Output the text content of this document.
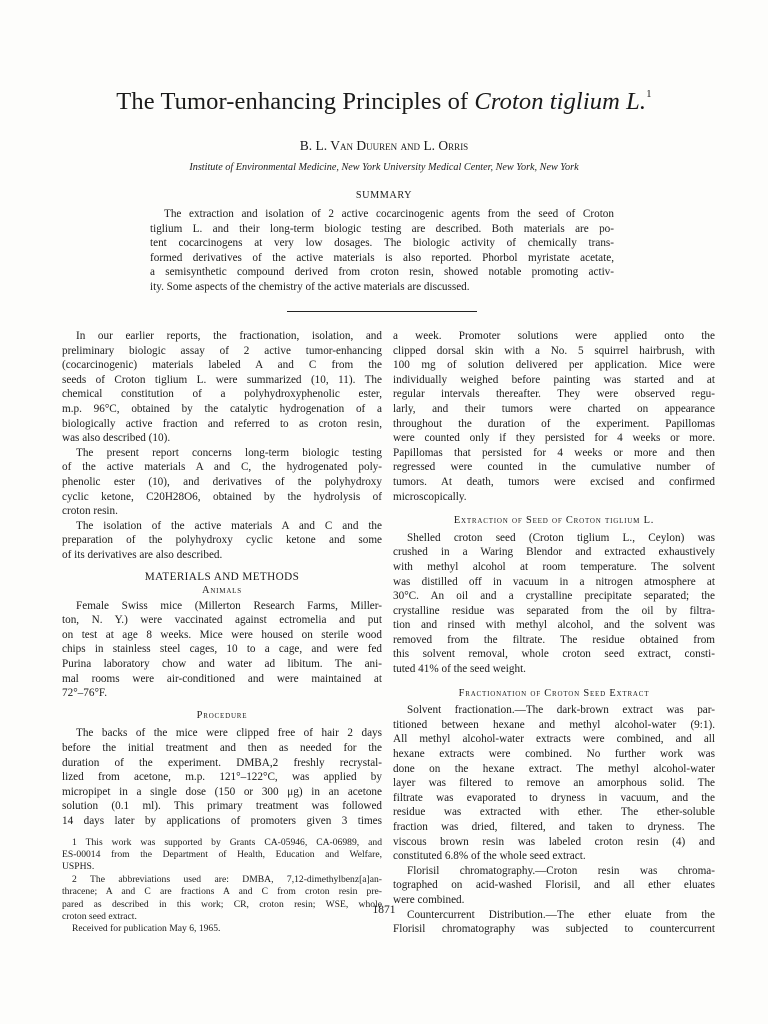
The Tumor-enhancing Principles of Croton tiglium L.$^1$
B. L. Van Duuren and L. Orris
Institute of Environmental Medicine, New York University Medical Center, New York, New York
SUMMARY
The extraction and isolation of 2 active cocarcinogenic agents from the seed of Croton
tiglium L. and their long-term biologic testing are described. Both materials are po-
tent cocarcinogens at very low dosages. The biologic activity of chemically trans-
formed derivatives of the active materials is also reported. Phorbol myristate acetate,
a semisynthetic compound derived from croton resin, showed notable promoting activ-
ity. Some aspects of the chemistry of the active materials are discussed.
In our earlier reports, the fractionation, isolation, and
preliminary biologic assay of 2 active tumor-enhancing
(cocarcinogenic) materials labeled A and C from the
seeds of Croton tiglium L. were summarized (10, 11). The
chemical constitution of a polyhydroxyphenolic ester,
m.p. 96°C, obtained by the catalytic hydrogenation of a
biologically active fraction and referred to as croton resin,
was also described (10).
The present report concerns long-term biologic testing
of the active materials A and C, the hydrogenated poly-
phenolic ester (10), and derivatives of the polyhydroxy
cyclic ketone, C20H28O6, obtained by the hydrolysis of
croton resin.
The isolation of the active materials A and C and the
preparation of the polyhydroxy cyclic ketone and some
of its derivatives are also described.
MATERIALS AND METHODS
Animals
Female Swiss mice (Millerton Research Farms, Miller-
ton, N. Y.) were vaccinated against ectromelia and put
on test at age 8 weeks. Mice were housed on sterile wood
chips in stainless steel cages, 10 to a cage, and were fed
Purina laboratory chow and water ad libitum. The ani-
mal rooms were air-conditioned and were maintained at
72°–76°F.
Procedure
The backs of the mice were clipped free of hair 2 days
before the initial treatment and then as needed for the
duration of the experiment. DMBA,2 freshly recrystal-
lized from acetone, m.p. 121°–122°C, was applied by
micropipet in a single dose (150 or 300 μg) in an acetone
solution (0.1 ml). This primary treatment was followed
14 days later by applications of promoters given 3 times
1 This work was supported by Grants CA-05946, CA-06989, and
ES-00014 from the Department of Health, Education and Welfare,
USPHS.
2 The abbreviations used are: DMBA, 7,12-dimethylbenz[a]an-
thracene; A and C are fractions A and C from croton resin pre-
pared as described in this work; CR, croton resin; WSE, whole
croton seed extract.
Received for publication May 6, 1965.
a week. Promoter solutions were applied onto the
clipped dorsal skin with a No. 5 squirrel hairbrush, with
100 mg of solution delivered per application. Mice were
individually weighed before painting was started and at
regular intervals thereafter. They were observed regu-
larly, and their tumors were charted on appearance
throughout the duration of the experiment. Papillomas
were counted only if they persisted for 4 weeks or more.
Papillomas that persisted for 4 weeks or more and then
regressed were counted in the cumulative number of
tumors. At death, tumors were excised and confirmed
microscopically.
Extraction of Seed of Croton tiglium L.
Shelled croton seed (Croton tiglium L., Ceylon) was
crushed in a Waring Blendor and extracted exhaustively
with methyl alcohol at room temperature. The solvent
was distilled off in vacuum in a nitrogen atmosphere at
30°C. An oil and a crystalline precipitate separated; the
crystalline residue was separated from the oil by filtra-
tion and rinsed with methyl alcohol, and the solvent was
removed from the filtrate. The residue obtained from
this solvent removal, whole croton seed extract, consti-
tuted 41% of the seed weight.
Fractionation of Croton Seed Extract
Solvent fractionation.—The dark-brown extract was par-
titioned between hexane and methyl alcohol-water (9:1).
All methyl alcohol-water extracts were combined, and all
hexane extracts were combined. No further work was
done on the hexane extract. The methyl alcohol-water
layer was filtered to remove an amorphous solid. The
filtrate was evaporated to dryness in vacuum, and the
residue was extracted with ether. The ether-soluble
fraction was dried, filtered, and taken to dryness. The
viscous brown resin was labeled croton resin (4) and
constituted 6.8% of the whole seed extract.
Florisil chromatography.—Croton resin was chroma-
tographed on acid-washed Florisil, and all ether eluates
were combined.
Countercurrent Distribution.—The ether eluate from the
Florisil chromatography was subjected to countercurrent
1871
